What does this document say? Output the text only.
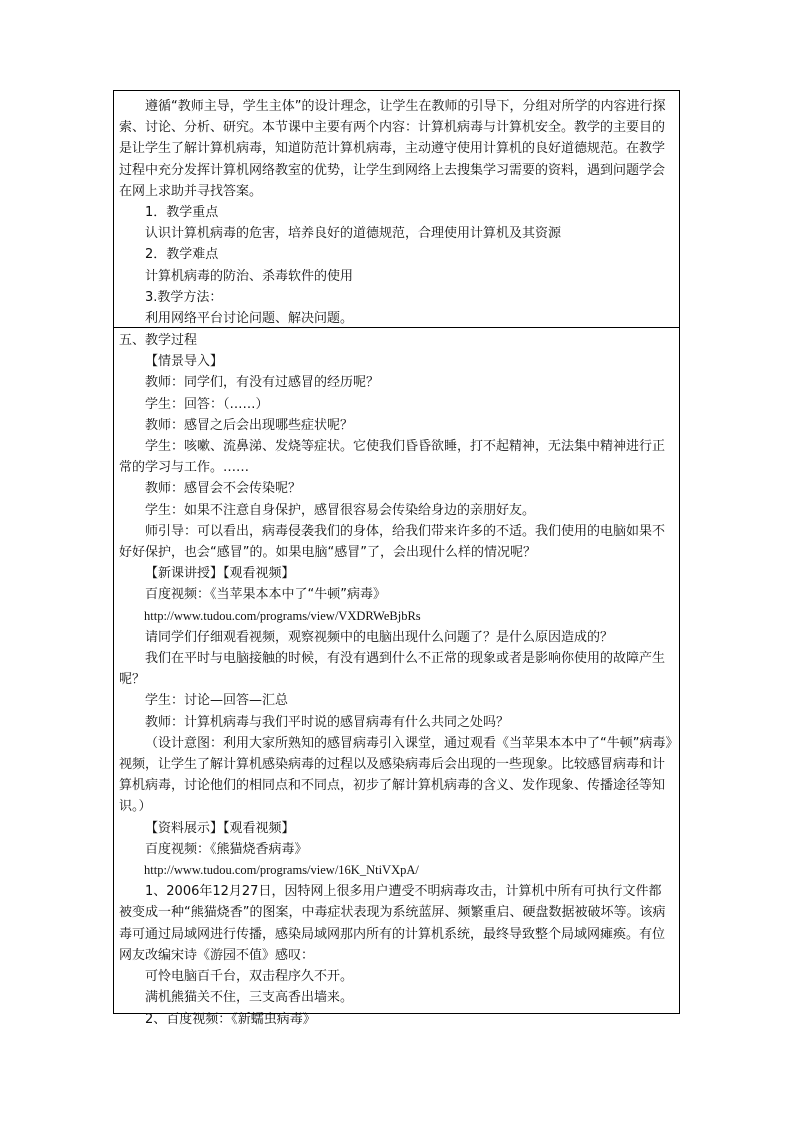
遵循“教师主导，学生主体”的设计理念，让学生在教师的引导下，分组对所学的内容进行探索、讨论、分析、研究。本节课中主要有两个内容：计算机病毒与计算机安全。教学的主要目的是让学生了解计算机病毒，知道防范计算机病毒，主动遵守使用计算机的良好道德规范。在教学过程中充分发挥计算机网络教室的优势，让学生到网络上去搜集学习需要的资料，遇到问题学会在网上求助并寻找答案。

1．教学重点

认识计算机病毒的危害，培养良好的道德规范，合理使用计算机及其资源

2．教学难点

计算机病毒的防治、杀毒软件的使用

3.教学方法：

利用网络平台讨论问题、解决问题。

五、教学过程

【情景导入】

教师：同学们，有没有过感冒的经历呢？

学生：回答：（……）

教师：感冒之后会出现哪些症状呢？

学生：咳嗽、流鼻涕、发烧等症状。它使我们昏昏欲睡，打不起精神，无法集中精神进行正常的学习与工作。……

教师：感冒会不会传染呢？

学生：如果不注意自身保护，感冒很容易会传染给身边的亲朋好友。

师引导：可以看出，病毒侵袭我们的身体，给我们带来许多的不适。我们使用的电脑如果不好好保护，也会“感冒”的。如果电脑“感冒”了，会出现什么样的情况呢？

【新课讲授】【观看视频】

百度视频：《当苹果本本中了“牛顿”病毒》

http://www.tudou.com/programs/view/VXDRWeBjbRs

请同学们仔细观看视频，观察视频中的电脑出现什么问题了？是什么原因造成的？

我们在平时与电脑接触的时候，有没有遇到什么不正常的现象或者是影响你使用的故障产生呢？

学生：讨论—回答—汇总

教师：计算机病毒与我们平时说的感冒病毒有什么共同之处吗？

（设计意图：利用大家所熟知的感冒病毒引入课堂，通过观看《当苹果本本中了“牛顿”病毒》视频，让学生了解计算机感染病毒的过程以及感染病毒后会出现的一些现象。比较感冒病毒和计算机病毒，讨论他们的相同点和不同点，初步了解计算机病毒的含义、发作现象、传播途径等知识。）

【资料展示】【观看视频】

百度视频：《熊猫烧香病毒》

http://www.tudou.com/programs/view/16K_NtiVXpA/

1、2006年12月27日，因特网上很多用户遭受不明病毒攻击，计算机中所有可执行文件都被变成一种“熊猫烧香”的图案，中毒症状表现为系统蓝屏、频繁重启、硬盘数据被破坏等。该病毒可通过局域网进行传播，感染局域网那内所有的计算机系统，最终导致整个局域网瘫痪。有位网友改编宋诗《游园不值》感叹：

可怜电脑百千台，双击程序久不开。

满机熊猫关不住，三支高香出墙来。

2、百度视频：《新蠕虫病毒》
